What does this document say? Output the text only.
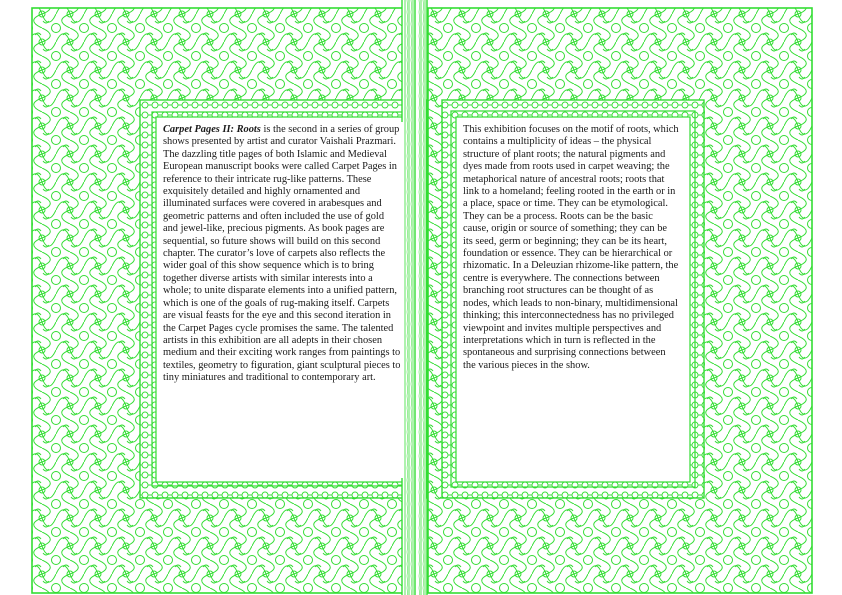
Carpet Pages II: Roots is the second in a series of group shows presented by artist and curator Vaishali Prazmari. The dazzling title pages of both Islamic and Medieval European manuscript books were called Carpet Pages in reference to their intricate rug-like patterns. These exquisitely detailed and highly ornamented and illuminated surfaces were covered in arabesques and geometric patterns and often included the use of gold and jewel-like, precious pigments. As book pages are sequential, so future shows will build on this second chapter. The curator’s love of carpets also reflects the wider goal of this show sequence which is to bring together diverse artists with similar interests into a whole; to unite disparate elements into a unified pattern, which is one of the goals of rug-making itself. Carpets are visual feasts for the eye and this second iteration in the Carpet Pages cycle promises the same. The talented artists in this exhibition are all adepts in their chosen medium and their exciting work ranges from paintings to textiles, geometry to figuration, giant sculptural pieces to tiny miniatures and traditional to contemporary art.
This exhibition focuses on the motif of roots, which contains a multiplicity of ideas – the physical structure of plant roots; the natural pigments and dyes made from roots used in carpet weaving; the metaphorical nature of ancestral roots; roots that link to a homeland; feeling rooted in the earth or in a place, space or time. They can be etymological. They can be a process. Roots can be the basic cause, origin or source of something; they can be its seed, germ or beginning; they can be its heart, foundation or essence. They can be hierarchical or rhizomatic. In a Deleuzian rhizome-like pattern, the centre is everywhere. The connections between branching root structures can be thought of as nodes, which leads to non-binary, multidimensional thinking; this interconnectedness has no privileged viewpoint and invites multiple perspectives and interpretations which in turn is reflected in the spontaneous and surprising connections between the various pieces in the show.
